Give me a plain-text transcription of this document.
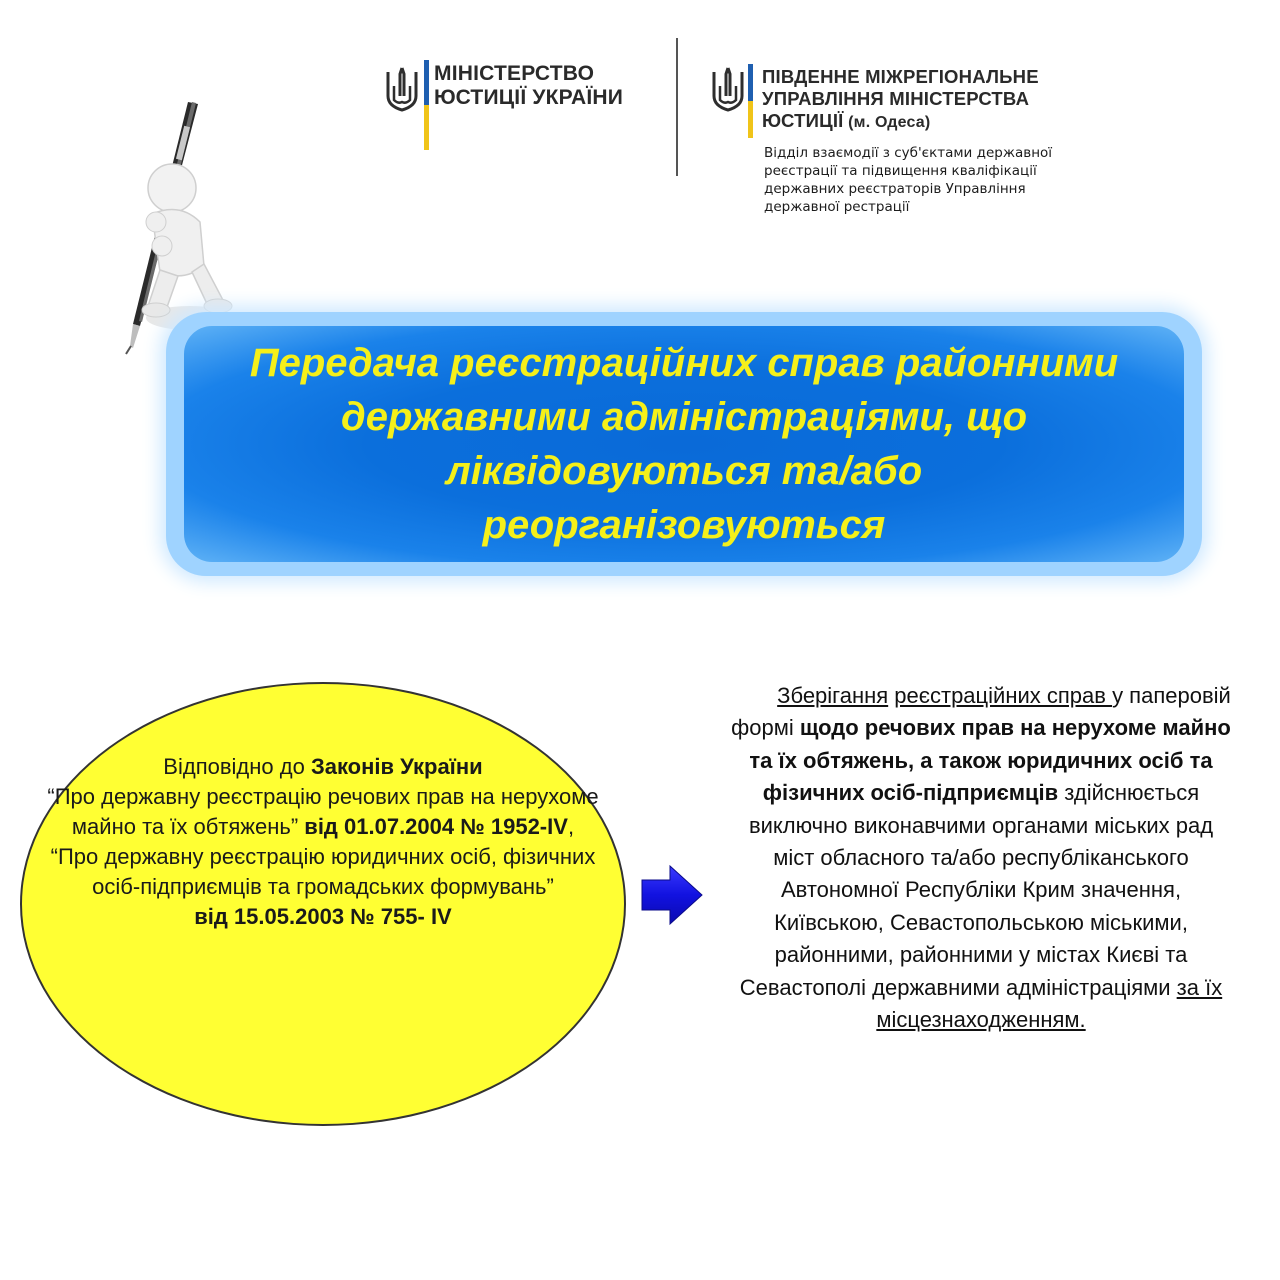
МІНІСТЕРСТВО
ЮСТИЦІЇ УКРАЇНИ
ПІВДЕННЕ МІЖРЕГІОНАЛЬНЕ
УПРАВЛІННЯ МІНІСТЕРСТВА
ЮСТИЦІЇ (м. Одеса)
Відділ взаємодії з суб'єктами державної
реєстрації та підвищення кваліфікації
державних реєстраторів Управління
державної рестрації
Передача реєстраційних справ районними
державними адміністраціями, що
ліквідовуються та/або
реорганізовуються
Відповідно до Законів України
“Про державну реєстрацію речових прав на нерухоме майно та їх обтяжень” від 01.07.2004 № 1952-IV,
“Про державну реєстрацію юридичних осіб, фізичних осіб-підприємців та громадських формувань”
від 15.05.2003 № 755- IV
Зберігання реєстраційних справ у паперовій формі щодо речових прав на нерухоме майно та їх обтяжень, а також юридичних осіб та фізичних осіб-підприємців здійснюється виключно виконавчими органами міських рад міст обласного та/або республіканського Автономної Республіки Крим значення, Київською, Севастопольською міськими, районними, районними у містах Києві та Севастополі державними адміністраціями за їх місцезнаходженням.
